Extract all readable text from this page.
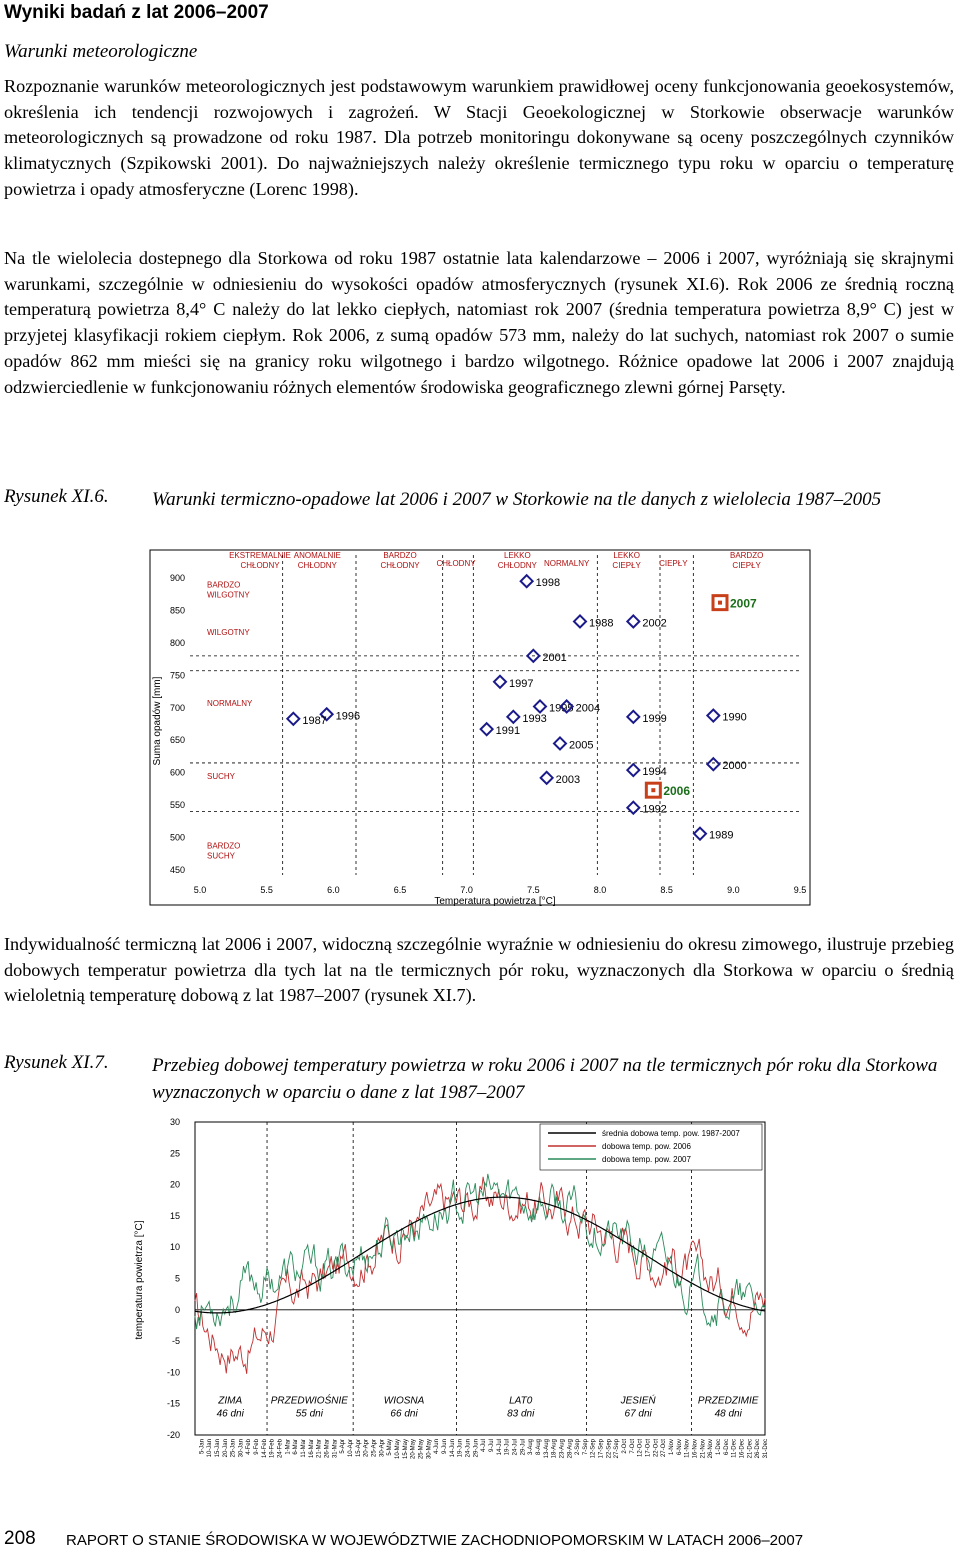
Wyniki badań z lat 2006–2007
Warunki meteorologiczne
Rozpoznanie warunków meteorologicznych jest podstawowym warunkiem prawidłowej oceny funkcjonowania geoekosystemów, określenia ich tendencji rozwojowych i zagrożeń. W Stacji Geoekologicznej w Storkowie obserwacje warunków meteorologicznych są prowadzone od roku 1987. Dla potrzeb monitoringu dokonywane są oceny poszczególnych czynników klimatycznych (Szpikowski 2001). Do najważniejszych należy określenie termicznego typu roku w oparciu o temperaturę powietrza i opady atmosferyczne (Lorenc 1998).
Na tle wielolecia dostepnego dla Storkowa od roku 1987 ostatnie lata kalendarzowe – 2006 i 2007, wyróżniają się skrajnymi warunkami, szczególnie w odniesieniu do wysokości opadów atmosferycznych (rysunek XI.6). Rok 2006 ze średnią roczną temperaturą powietrza 8,4° C należy do lat lekko ciepłych, natomiast rok 2007 (średnia temperatura powietrza 8,9° C) jest w przyjetej klasyfikacji rokiem ciepłym. Rok 2006, z sumą opadów 573 mm, należy do lat suchych, natomiast rok 2007 o sumie opadów 862 mm mieści się na granicy roku wilgotnego i bardzo wilgotnego. Różnice opadowe lat 2006 i 2007 znajdują odzwierciedlenie w funkcjonowaniu różnych elementów środowiska geograficznego zlewni górnej Parsęty.
Rysunek XI.6. Warunki termiczno-opadowe lat 2006 i 2007 w Storkowie na tle danych z wielolecia 1987–2005
450
500
550
600
650
700
750
800
850
900
5.0	5.5	6.0	6.5	7.0	7.5	8.0	8.5	9.0	9.5
EKSTREMALNIE CHŁODNY
ANOMALNIE CHŁODNY
BARDZO CHŁODNY CHŁODNY
LEKKO CHŁODNY NORMALNY
LEKKO CIEPŁY CIEPŁY
BARDZO CIEPŁY
BARDZO WILGOTNY
WILGOTNY
NORMALNY
SUCHY
BARDZO SUCHY
1998
1988	2002
2001
1997
1996
1987
1995 2004
1993
1991
1999	1990
2005
2003
1994	2000
1992
1989
2006
2007
Suma opadów [mm]
Temperatura powietrza [°C]
Indywidualność termiczną lat 2006 i 2007, widoczną szczególnie wyraźnie w odniesieniu do okresu zimowego, ilustruje przebieg dobowych temperatur powietrza dla tych lat na tle termicznych pór roku, wyznaczonych dla Storkowa w oparciu o średnią wieloletnią temperaturę dobową z lat 1987–2007 (rysunek XI.7).
Rysunek XI.7. Przebieg dobowej temperatury powietrza w roku 2006 i 2007 na tle termicznych pór roku dla Storkowa wyznaczonych w oparciu o dane z lat 1987–2007
30
25
20
15
10
5
0
-5
-10
-15
-20
ZIMA
46 dni
PRZEDWIOŚNIE
55 dni
WIOSNA
66 dni
LAT0
83 dni
JESIEŃ
67 dni
PRZEDZIMIE
48 dni
średnia dobowa temp. pow. 1987-2007
dobowa temp. pow. 2006
dobowa temp. pow. 2007
5-Jan 10-Jan 15-Jan 20-Jan 25-Jan 30-Jan 4-Feb 9-Feb 14-Feb 19-Feb 24-Feb 1-Mar 6-Mar 11-Mar 16-Mar 21-Mar 26-Mar 31-Mar 5-Apr 10-Apr 15-Apr 20-Apr 25-Apr 30-Apr 5-May 10-May 15-May 20-May 25-May 30-May 4-Jun 9-Jun 14-Jun 19-Jun 24-Jun 29-Jun 4-Jul 9-Jul 14-Jul 19-Jul 24-Jul 29-Jul 3-Aug 8-Aug 13-Aug 18-Aug 23-Aug 28-Aug 2-Sep 7-Sep 12-Sep 17-Sep 22-Sep 27-Sep 2-Oct 7-Oct 12-Oct 17-Oct 22-Oct 27-Oct 1-Nov 6-Nov 11-Nov 16-Nov 21-Nov 26-Nov 1-Dec 6-Dec 11-Dec 16-Dec 21-Dec 26-Dec 31-Dec
temperatura powietrza [°C]
208 RAPORT O STANIE ŚRODOWISKA W WOJEWÓDZTWIE ZACHODNIOPOMORSKIM W LATACH 2006–2007
